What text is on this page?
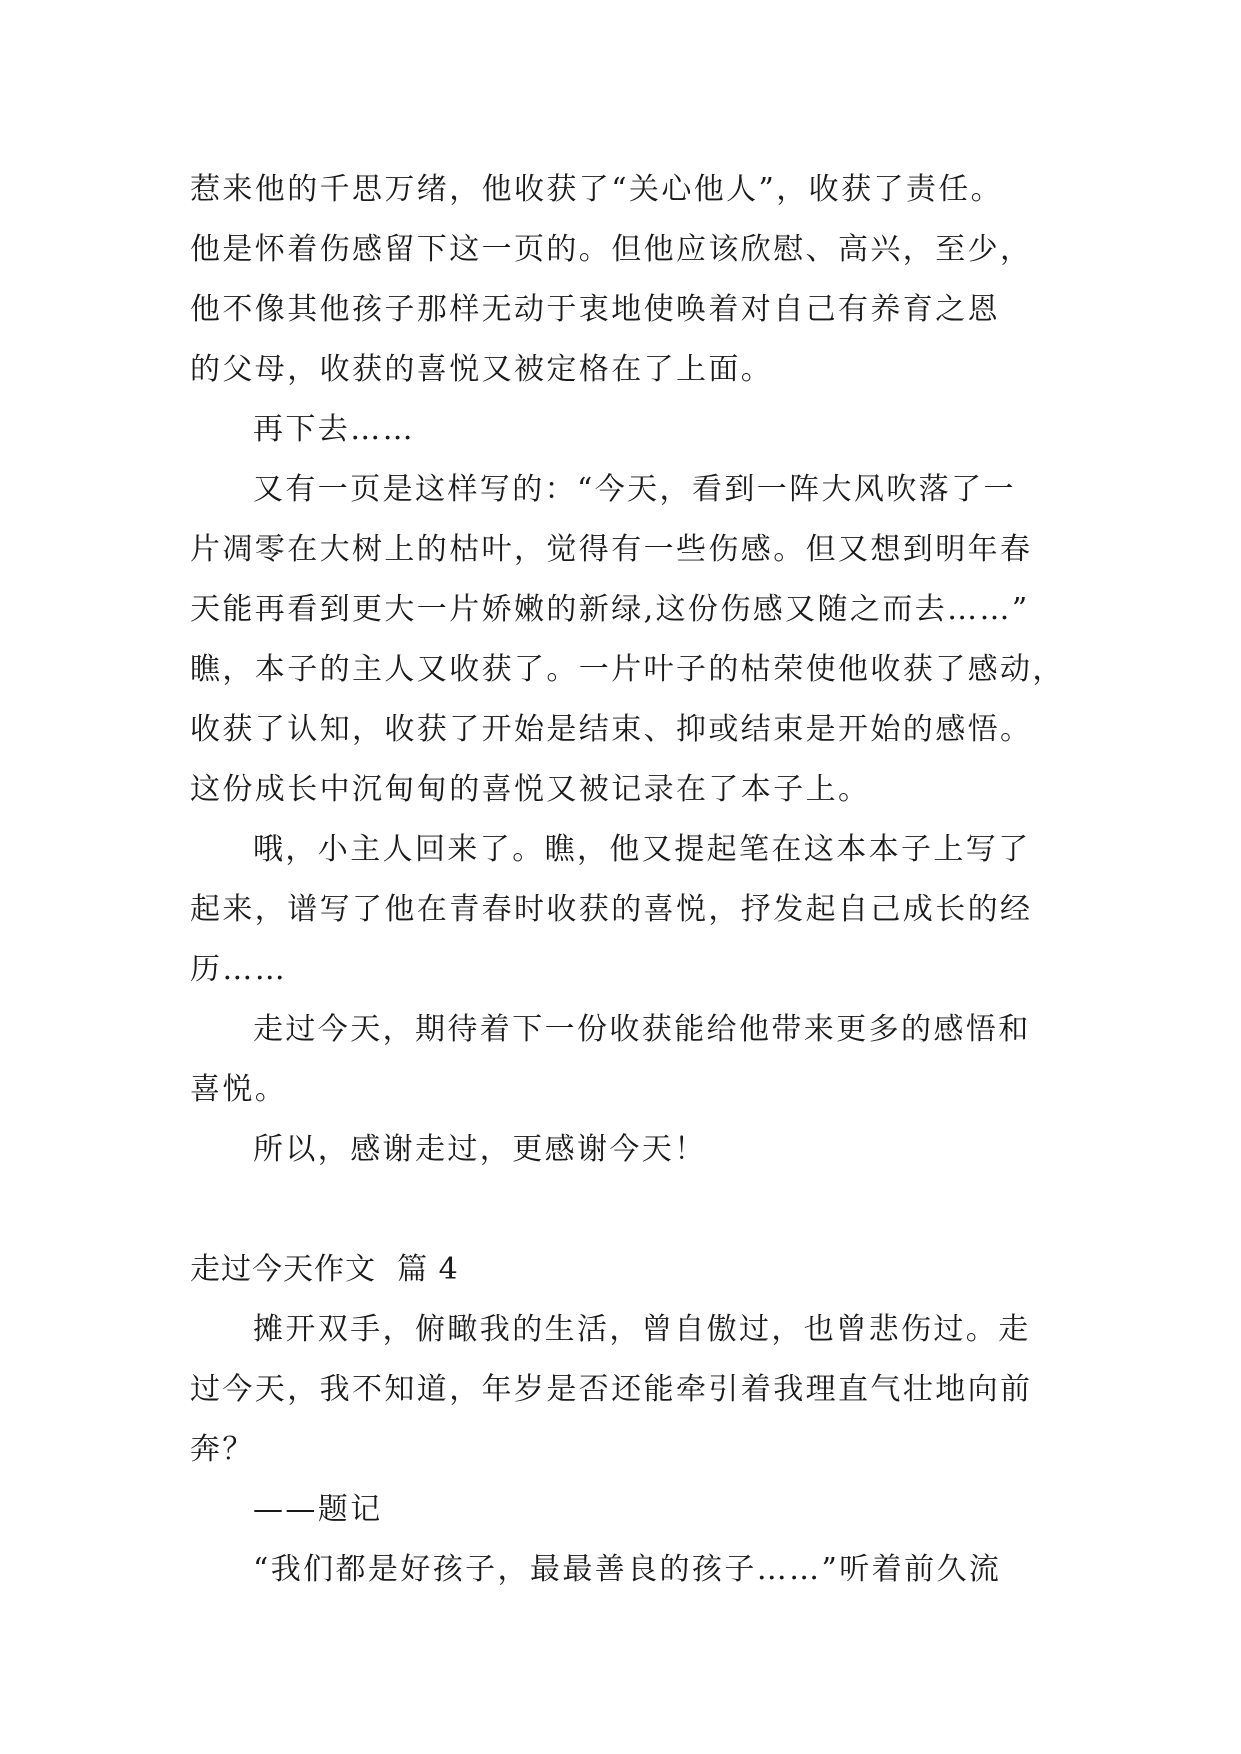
惹来他的千思万绪，他收获了“关心他人”，收获了责任。
他是怀着伤感留下这一页的。但他应该欣慰、高兴，至少，
他不像其他孩子那样无动于衷地使唤着对自己有养育之恩
的父母，收获的喜悦又被定格在了上面。
再下去……
又有一页是这样写的：“今天，看到一阵大风吹落了一
片凋零在大树上的枯叶，觉得有一些伤感。但又想到明年春
天能再看到更大一片娇嫩的新绿,这份伤感又随之而去……”
瞧，本子的主人又收获了。一片叶子的枯荣使他收获了感动，
收获了认知，收获了开始是结束、抑或结束是开始的感悟。
这份成长中沉甸甸的喜悦又被记录在了本子上。
哦，小主人回来了。瞧，他又提起笔在这本本子上写了
起来，谱写了他在青春时收获的喜悦，抒发起自己成长的经
历……
走过今天，期待着下一份收获能给他带来更多的感悟和
喜悦。
所以，感谢走过，更感谢今天！
走过今天作文  篇 4
摊开双手，俯瞰我的生活，曾自傲过，也曾悲伤过。走
过今天，我不知道，年岁是否还能牵引着我理直气壮地向前
奔？
——题记
“我们都是好孩子，最最善良的孩子……”听着前久流
